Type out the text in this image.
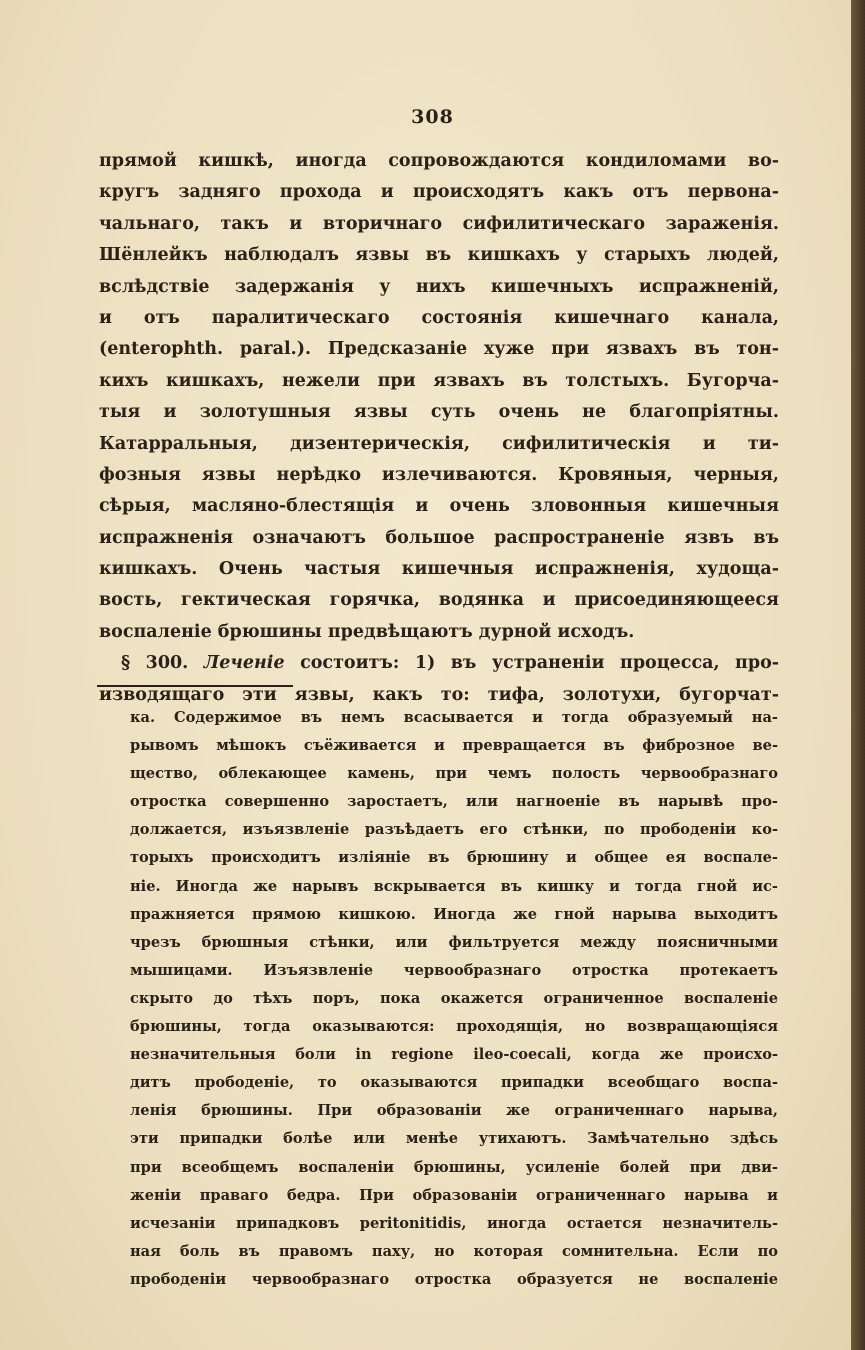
308
прямой кишкѣ, иногда сопровождаются кондиломами во-
кругъ задняго прохода и происходятъ какъ отъ первона-
чальнаго, такъ и вторичнаго сифилитическаго зараженія.
Шёнлейкъ наблюдалъ язвы въ кишкахъ у старыхъ людей,
вслѣдствіе задержанія у нихъ кишечныхъ испражненій,
и отъ паралитическаго состоянія кишечнаго канала,
(enterophth. paral.). Предсказаніе хуже при язвахъ въ тон-
кихъ кишкахъ, нежели при язвахъ въ толстыхъ. Бугорча-
тыя и золотушныя язвы суть очень не благопріятны.
Катарральныя, дизентерическія, сифилитическія и ти-
фозныя язвы нерѣдко излечиваются. Кровяныя, черныя,
сѣрыя, масляно-блестящія и очень зловонныя кишечныя
испражненія означаютъ большое распространеніе язвъ въ
кишкахъ. Очень частыя кишечныя испражненія, худоща-
вость, гектическая горячка, водянка и присоединяющееся
воспаленіе брюшины предвѣщаютъ дурной исходъ.
§ 300. Леченіе состоитъ: 1) въ устраненіи процесса, про-
изводящаго эти язвы, какъ то: тифа, золотухи, бугорчат-
ка. Содержимое въ немъ всасывается и тогда образуемый на-
рывомъ мѣшокъ съёживается и превращается въ фиброзное ве-
щество, облекающее камень, при чемъ полость червообразнаго
отростка совершенно заростаетъ, или нагноеніе въ нарывѣ про-
должается, изъязвленіе разъѣдаетъ его стѣнки, по прободеніи ко-
торыхъ происходитъ изліяніе въ брюшину и общее ея воспале-
ніе. Иногда же нарывъ вскрывается въ кишку и тогда гной ис-
пражняется прямою кишкою. Иногда же гной нарыва выходитъ
чрезъ брюшныя стѣнки, или фильтруется между поясничными
мышицами. Изъязвленіе червообразнаго отростка протекаетъ
скрыто до тѣхъ поръ, пока окажется ограниченное воспаленіе
брюшины, тогда оказываются: проходящія, но возвращающіяся
незначительныя боли in regione ileo-coecali, когда же происхо-
дитъ прободеніе, то оказываются припадки всеобщаго воспа-
ленія брюшины. При образованіи же ограниченнаго нарыва,
эти припадки болѣе или менѣе утихаютъ. Замѣчательно здѣсь
при всеобщемъ воспаленіи брюшины, усиленіе болей при дви-
женіи праваго бедра. При образованіи ограниченнаго нарыва и
исчезаніи припадковъ peritonitidis, иногда остается незначитель-
ная боль въ правомъ паху, но которая сомнительна. Если по
прободеніи червообразнаго отростка образуется не воспаленіе
